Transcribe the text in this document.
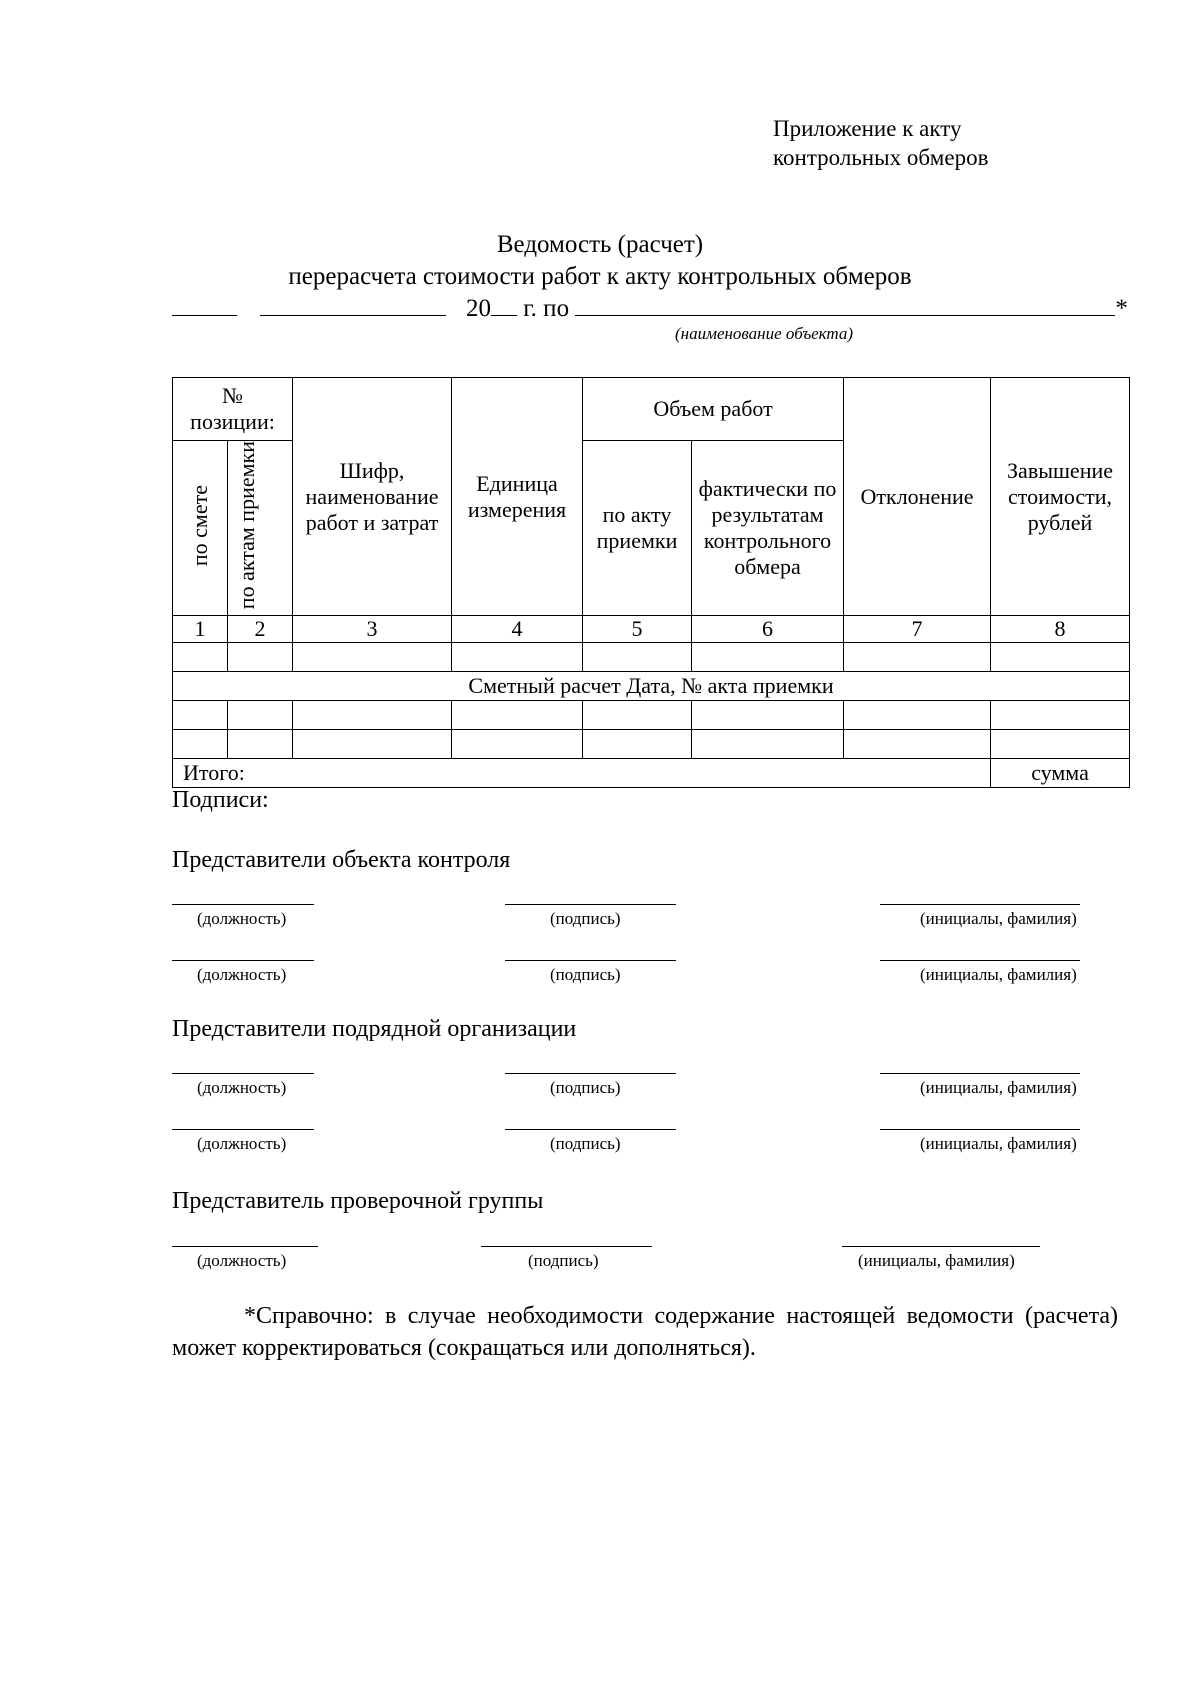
Приложение к акту
контрольных обмеров
Ведомость (расчет)
перерасчета стоимости работ к акту контрольных обмеров
20 г. по	*
(наименование объекта)
№ позиции:		Шифр, наименование работ и затрат	Единица измерения	Объем работ		Отклонение	Завышение стоимости, рублей
по смете	по актам приемки			по акту приемки	фактически по результатам контрольного обмера		
1	2	3	4	5	6	7	8

Сметный расчет Дата, № акта приемки							

Итого:							сумма
Подписи:
Представители объекта контроля
(должность)	(подпись)	(инициалы, фамилия)
(должность)	(подпись)	(инициалы, фамилия)
Представители подрядной организации
(должность)	(подпись)	(инициалы, фамилия)
(должность)	(подпись)	(инициалы, фамилия)
Представитель проверочной группы
(должность)	(подпись)	(инициалы, фамилия)
*Справочно: в случае необходимости содержание настоящей ведомости (расчета) может корректироваться (сокращаться или дополняться).
